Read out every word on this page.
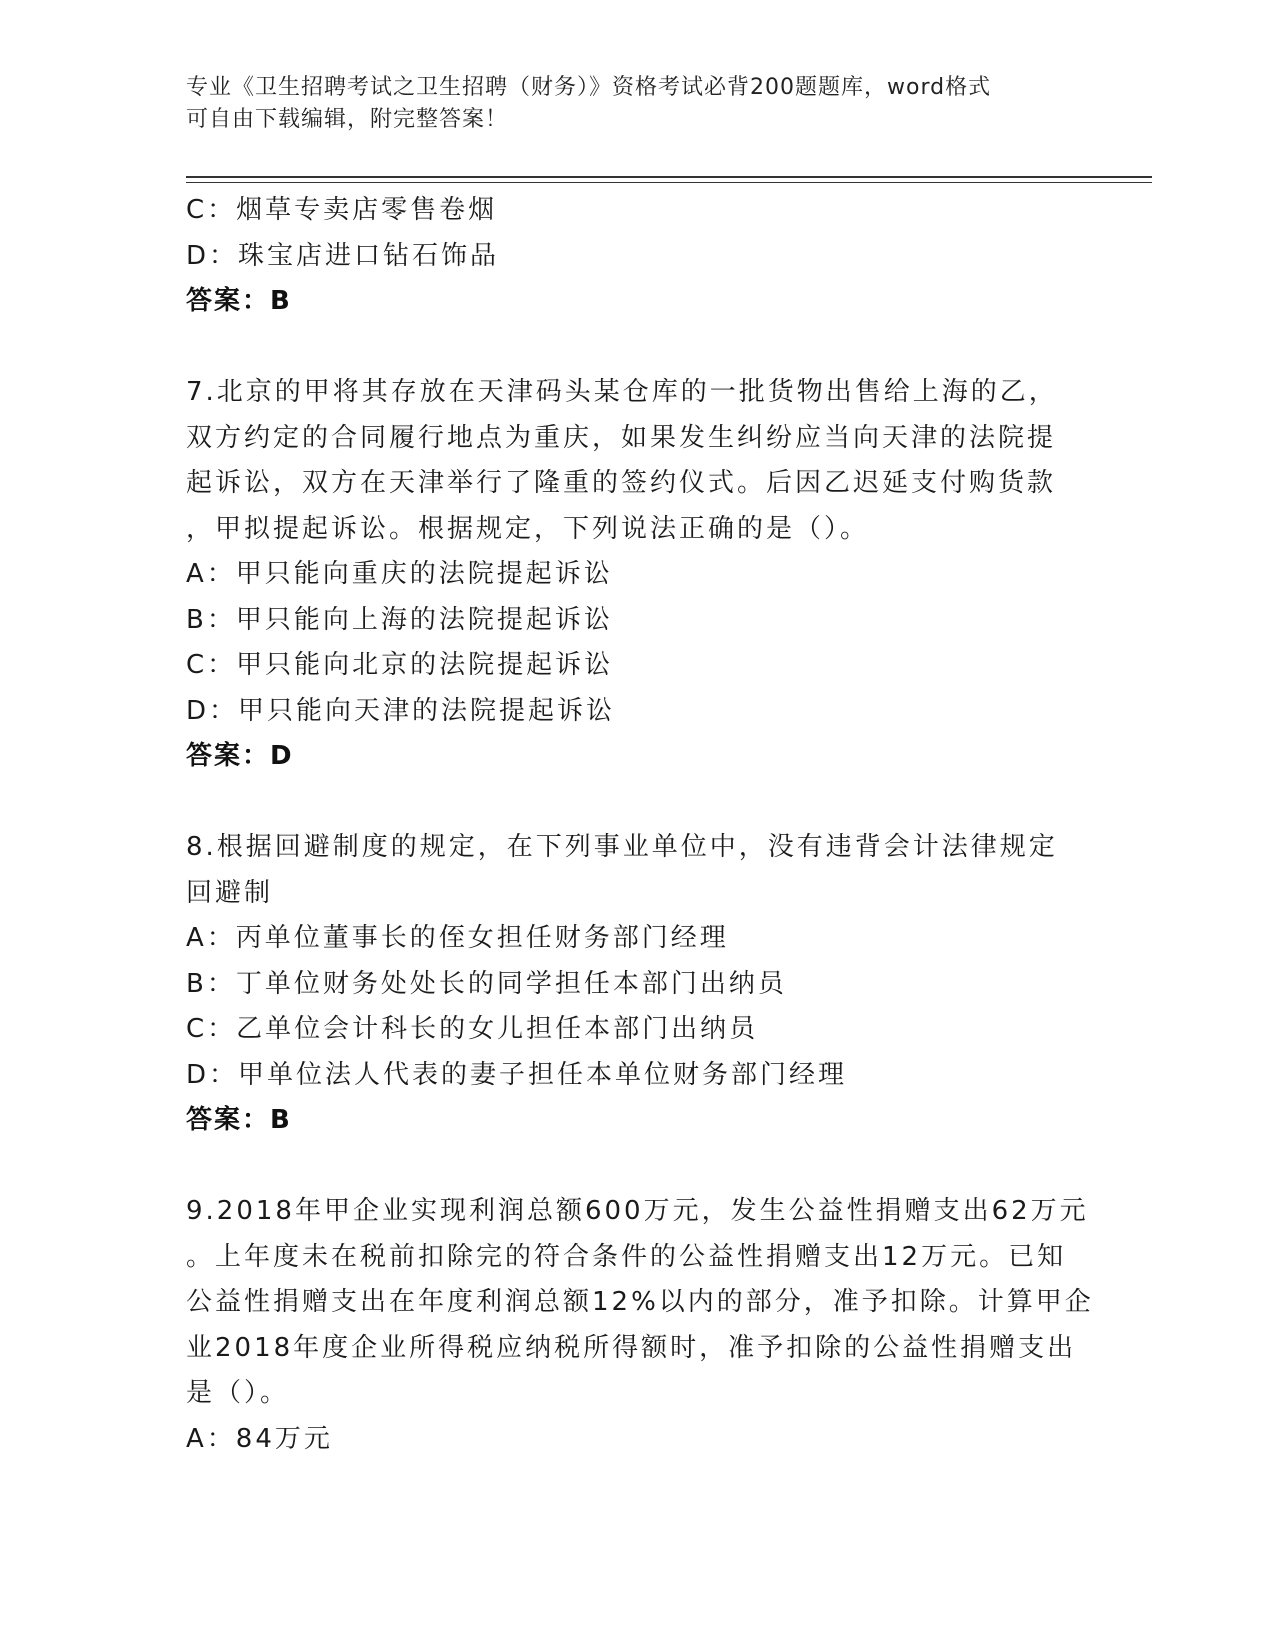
专业《卫生招聘考试之卫生招聘（财务）》资格考试必背200题题库，word格式
可自由下载编辑，附完整答案！
C：烟草专卖店零售卷烟
D：珠宝店进口钻石饰品
答案：B
7.北京的甲将其存放在天津码头某仓库的一批货物出售给上海的乙，
双方约定的合同履行地点为重庆，如果发生纠纷应当向天津的法院提
起诉讼，双方在天津举行了隆重的签约仪式。后因乙迟延支付购货款
，甲拟提起诉讼。根据规定，下列说法正确的是（）。
A：甲只能向重庆的法院提起诉讼
B：甲只能向上海的法院提起诉讼
C：甲只能向北京的法院提起诉讼
D：甲只能向天津的法院提起诉讼
答案：D
8.根据回避制度的规定，在下列事业单位中，没有违背会计法律规定
回避制
A：丙单位董事长的侄女担任财务部门经理
B：丁单位财务处处长的同学担任本部门出纳员
C：乙单位会计科长的女儿担任本部门出纳员
D：甲单位法人代表的妻子担任本单位财务部门经理
答案：B
9.2018年甲企业实现利润总额600万元，发生公益性捐赠支出62万元
。上年度未在税前扣除完的符合条件的公益性捐赠支出12万元。已知
公益性捐赠支出在年度利润总额12%以内的部分，准予扣除。计算甲企
业2018年度企业所得税应纳税所得额时，准予扣除的公益性捐赠支出
是（）。
A：84万元
